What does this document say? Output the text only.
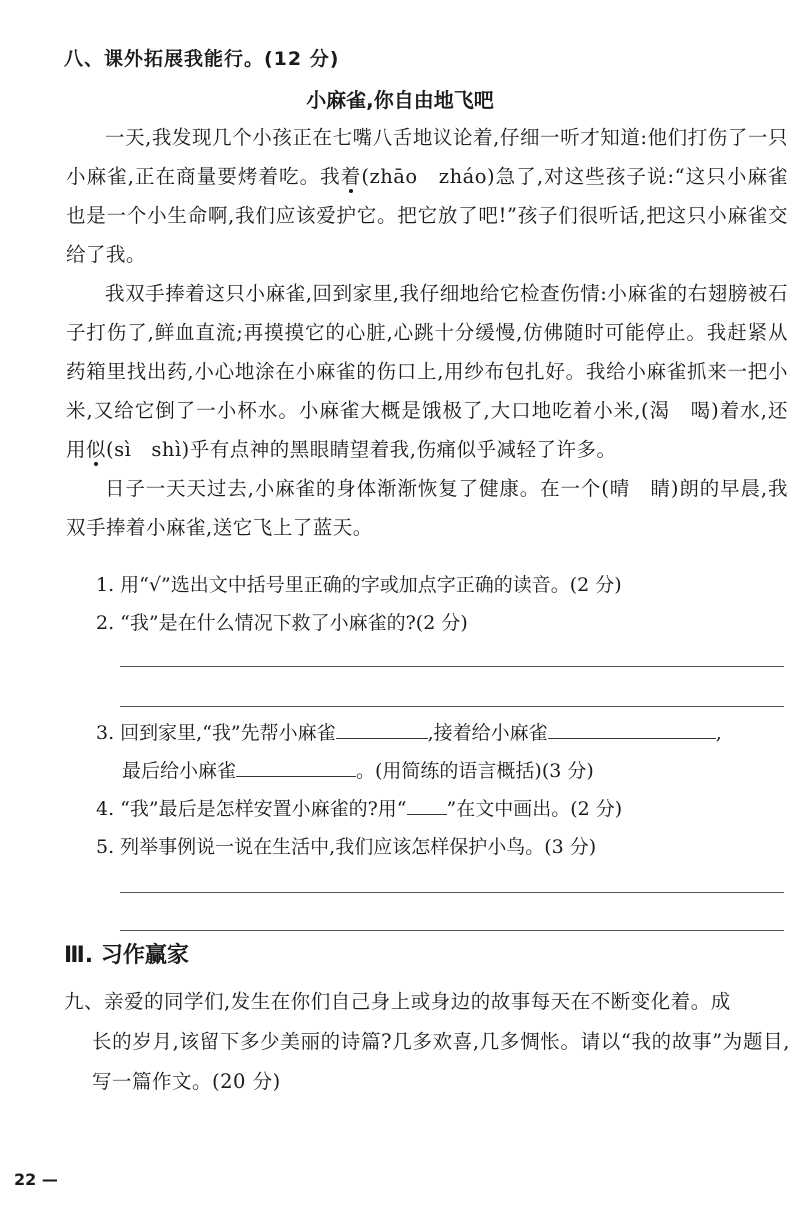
八、课外拓展我能行。(12 分)
小麻雀,你自由地飞吧

一天,我发现几个小孩正在七嘴八舌地议论着,仔细一听才知道:他们打伤了一只小麻雀,正在商量要烤着吃。我着(zhāo　zháo)急了,对这些孩子说:“这只小麻雀也是一个小生命啊,我们应该爱护它。把它放了吧!”孩子们很听话,把这只小麻雀交给了我。

我双手捧着这只小麻雀,回到家里,我仔细地给它检查伤情:小麻雀的右翅膀被石子打伤了,鲜血直流;再摸摸它的心脏,心跳十分缓慢,仿佛随时可能停止。我赶紧从药箱里找出药,小心地涂在小麻雀的伤口上,用纱布包扎好。我给小麻雀抓来一把小米,又给它倒了一小杯水。小麻雀大概是饿极了,大口地吃着小米,(渴　喝)着水,还用似(sì　shì)乎有点神的黑眼睛望着我,伤痛似乎减轻了许多。

日子一天天过去,小麻雀的身体渐渐恢复了健康。在一个(晴　睛)朗的早晨,我双手捧着小麻雀,送它飞上了蓝天。

1. 用“√”选出文中括号里正确的字或加点字正确的读音。(2 分)
2. “我”是在什么情况下救了小麻雀的?(2 分)
3. 回到家里,“我”先帮小麻雀	,接着给小麻雀	,
最后给小麻雀	。(用简练的语言概括)(3 分)
4. “我”最后是怎样安置小麻雀的?用“ ”在文中画出。(2 分)
5. 列举事例说一说在生活中,我们应该怎样保护小鸟。(3 分)
Ⅲ. 习作赢家
九、亲爱的同学们,发生在你们自己身上或身边的故事每天在不断变化着。成
长的岁月,该留下多少美丽的诗篇?几多欢喜,几多惆怅。请以“我的故事”为题目,写一篇作文。(20 分)
22 —
